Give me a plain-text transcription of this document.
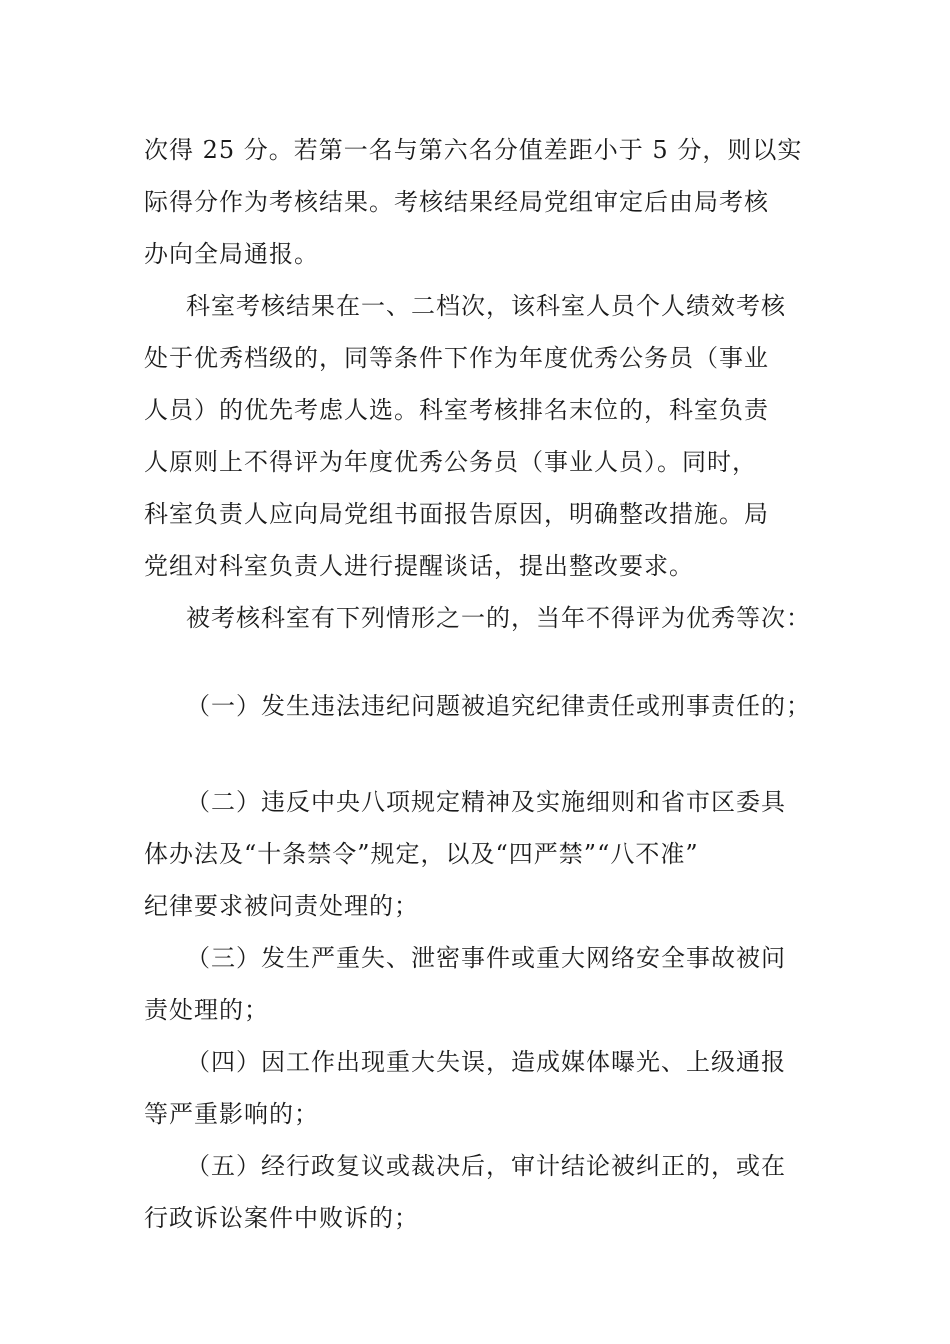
次得 25 分。若第一名与第六名分值差距小于 5 分，则以实
际得分作为考核结果。考核结果经局党组审定后由局考核
办向全局通报。
科室考核结果在一、二档次，该科室人员个人绩效考核
处于优秀档级的，同等条件下作为年度优秀公务员（事业
人员）的优先考虑人选。科室考核排名末位的，科室负责
人原则上不得评为年度优秀公务员（事业人员）。同时，
科室负责人应向局党组书面报告原因，明确整改措施。局
党组对科室负责人进行提醒谈话，提出整改要求。
被考核科室有下列情形之一的，当年不得评为优秀等次：
（一）发生违法违纪问题被追究纪律责任或刑事责任的；
（二）违反中央八项规定精神及实施细则和省市区委具
体办法及“十条禁令”规定，以及“四严禁”“八不准”
纪律要求被问责处理的；
（三）发生严重失、泄密事件或重大网络安全事故被问
责处理的；
（四）因工作出现重大失误，造成媒体曝光、上级通报
等严重影响的；
（五）经行政复议或裁决后，审计结论被纠正的，或在
行政诉讼案件中败诉的；
